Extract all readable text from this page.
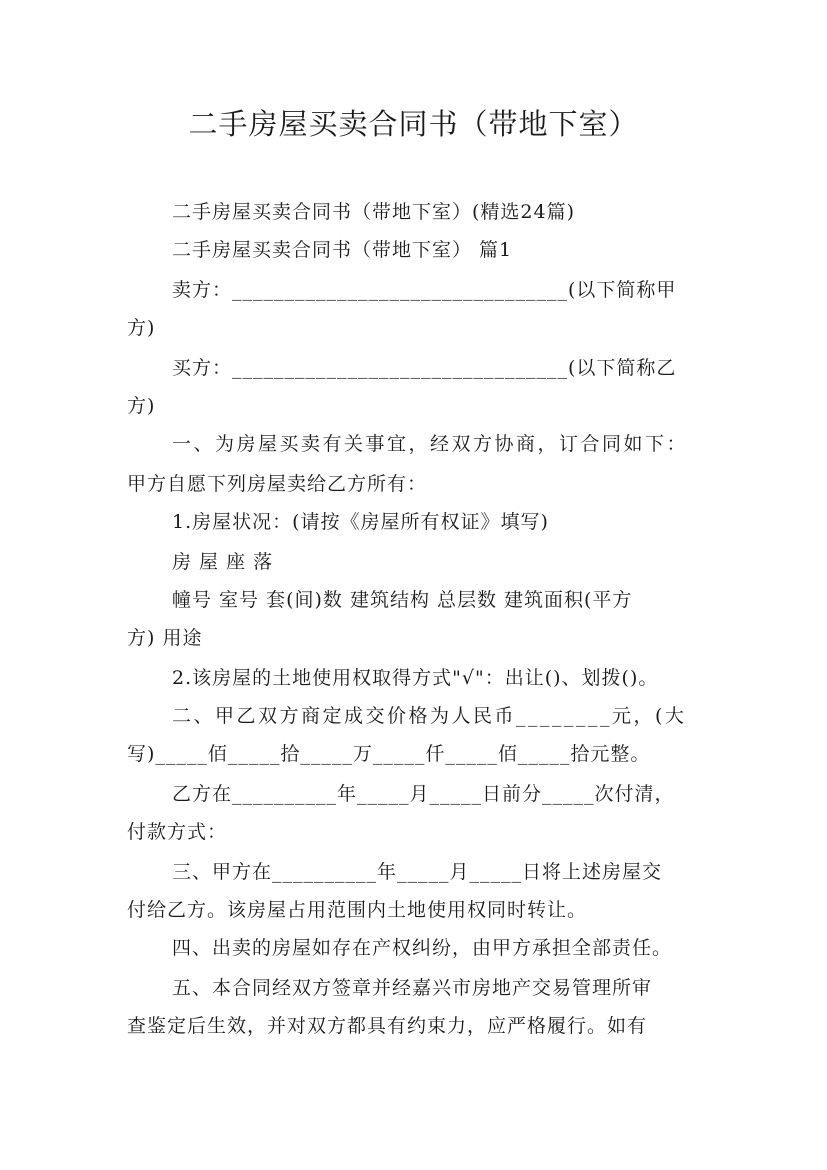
二手房屋买卖合同书（带地下室）
二手房屋买卖合同书（带地下室）(精选24篇)
二手房屋买卖合同书（带地下室） 篇1
卖方：________________________________(以下简称甲
方)
买方：________________________________(以下简称乙
方)
一、为房屋买卖有关事宜，经双方协商，订合同如下：
甲方自愿下列房屋卖给乙方所有：
1.房屋状况：(请按《房屋所有权证》填写)
房 屋 座 落
幢号 室号 套(间)数 建筑结构 总层数 建筑面积(平方
方) 用途
2.该房屋的土地使用权取得方式"√"：出让()、划拨()。
二、甲乙双方商定成交价格为人民币________元，(大
写)_____佰_____拾_____万_____仟_____佰_____拾元整。
乙方在__________年_____月_____日前分_____次付清，
付款方式：
三、甲方在__________年_____月_____日将上述房屋交
付给乙方。该房屋占用范围内土地使用权同时转让。
四、出卖的房屋如存在产权纠纷，由甲方承担全部责任。
五、本合同经双方签章并经嘉兴市房地产交易管理所审
查鉴定后生效，并对双方都具有约束力，应严格履行。如有
